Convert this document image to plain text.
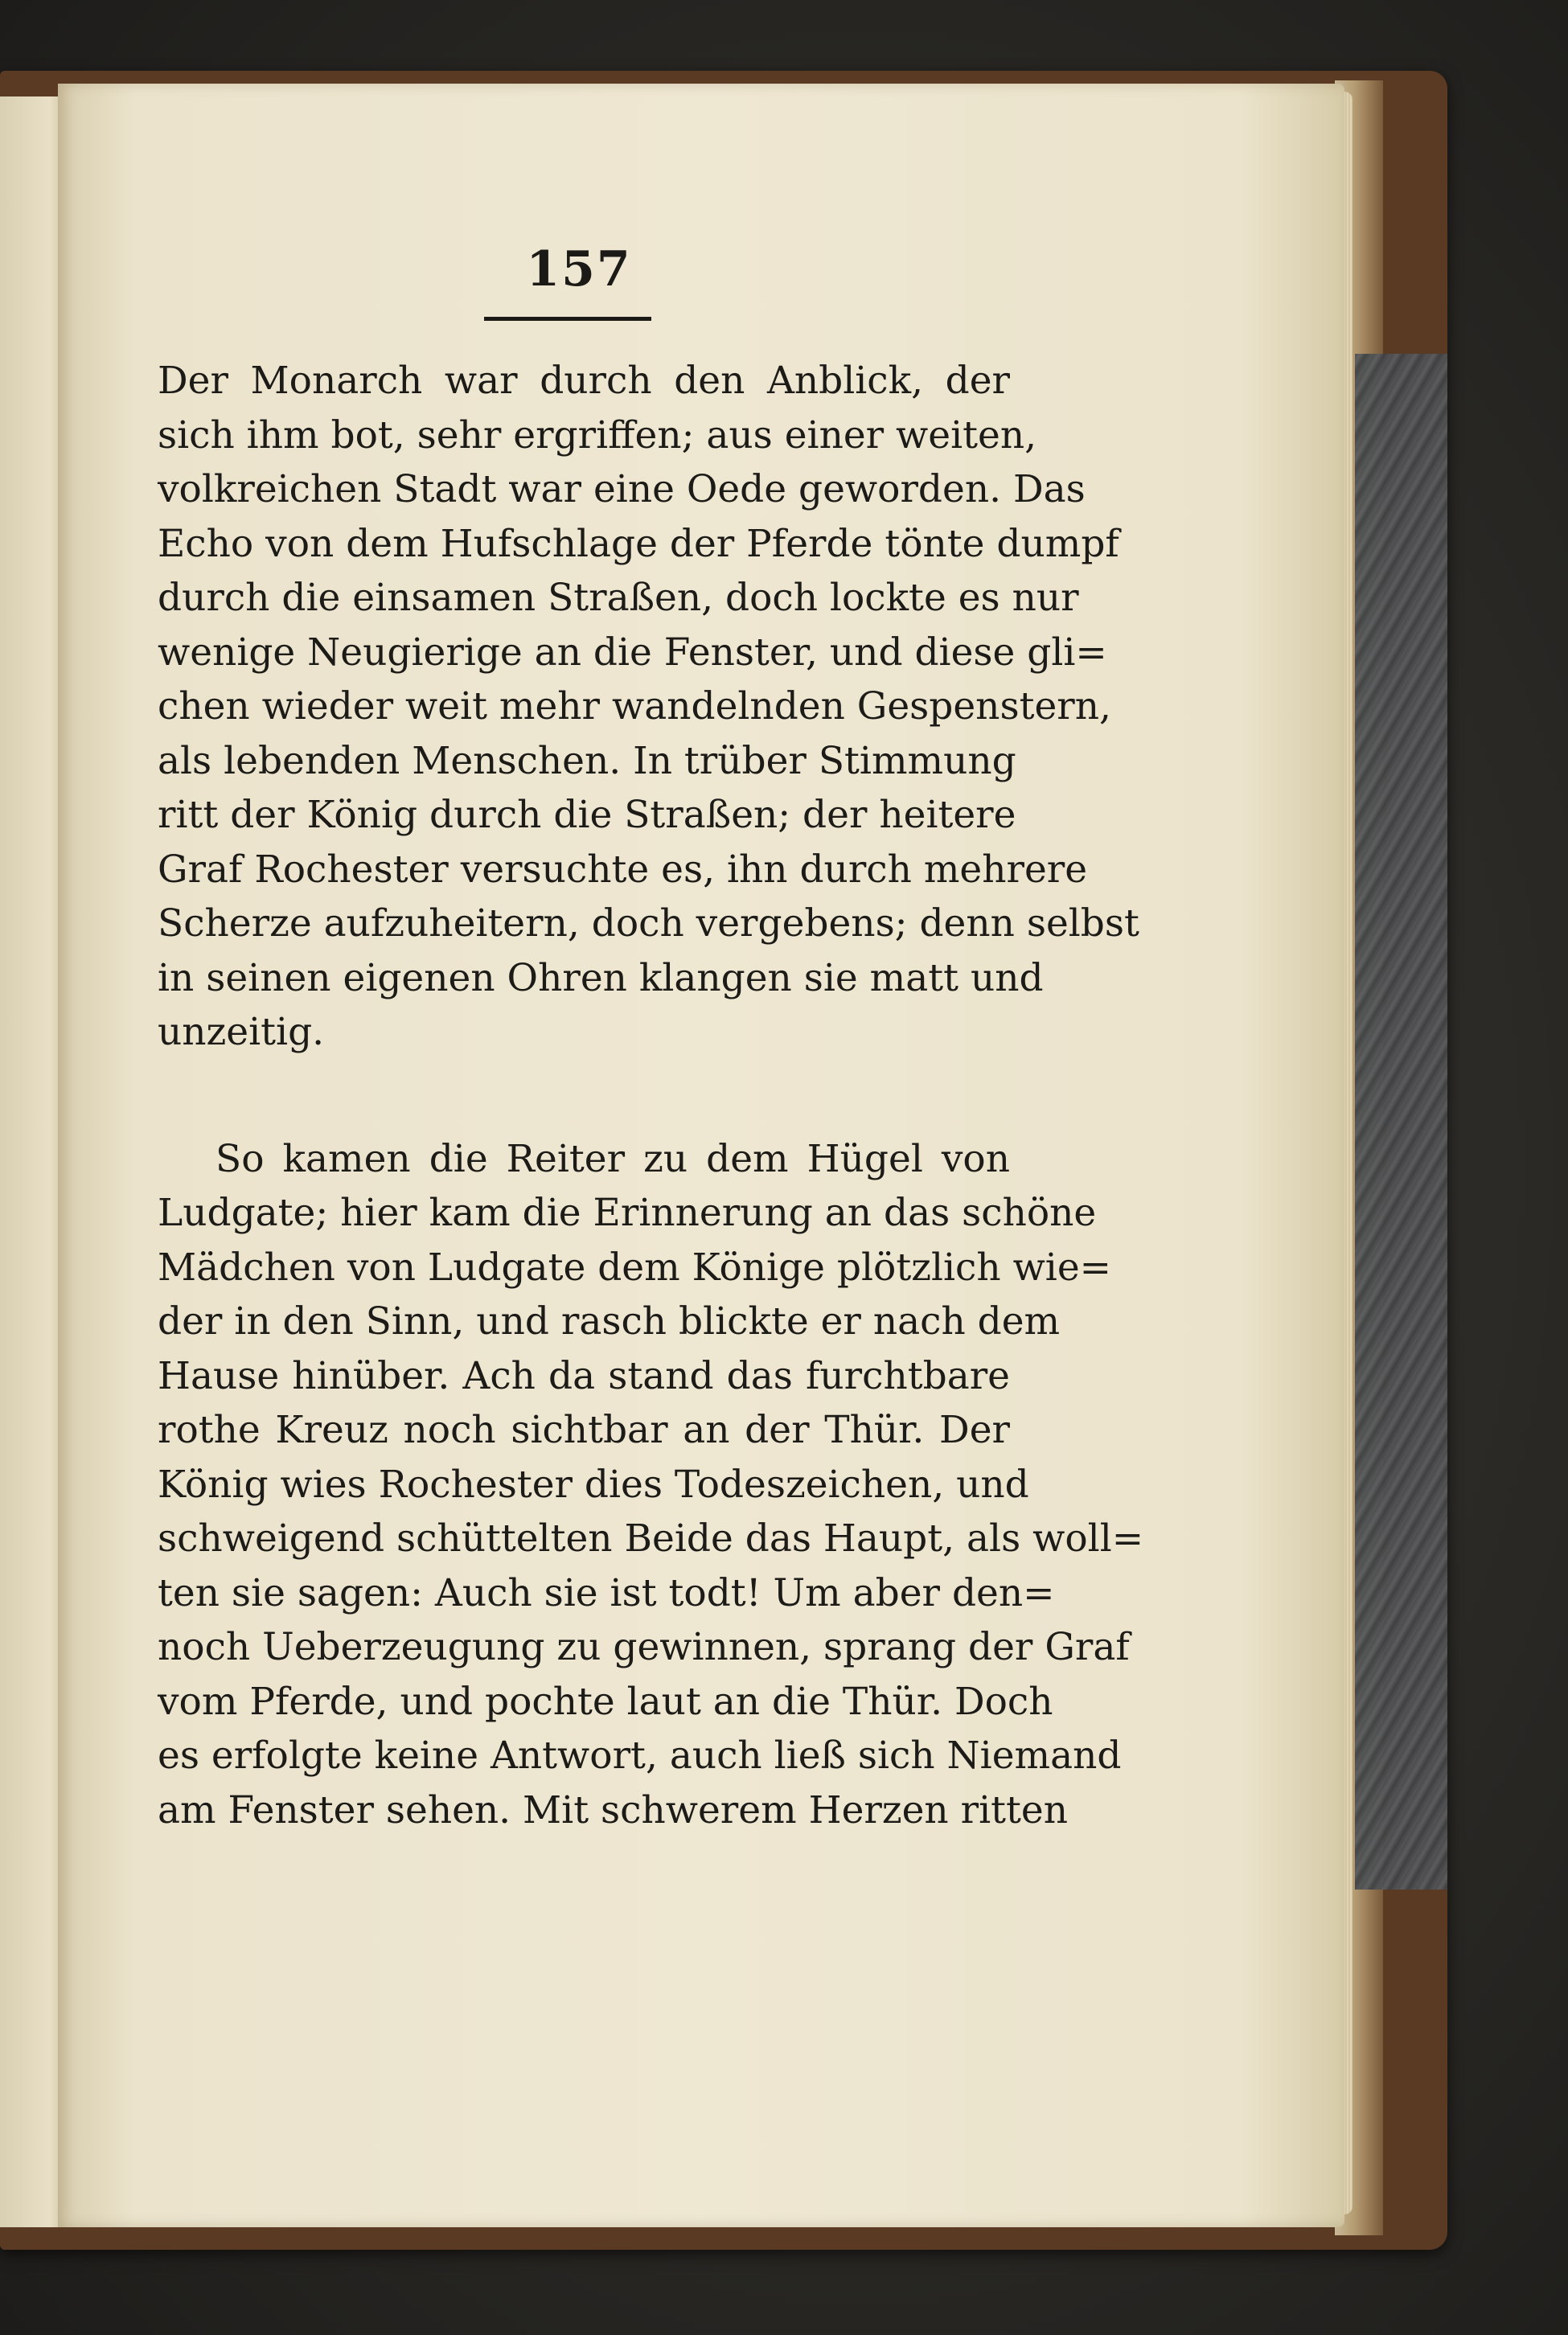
157
Der Monarch war durch den Anblick, der
sich ihm bot, sehr ergriffen; aus einer weiten,
volkreichen Stadt war eine Oede geworden. Das
Echo von dem Hufschlage der Pferde tönte dumpf
durch die einsamen Straßen, doch lockte es nur
wenige Neugierige an die Fenster, und diese gli=
chen wieder weit mehr wandelnden Gespenstern,
als lebenden Menschen. In trüber Stimmung
ritt der König durch die Straßen; der heitere
Graf Rochester versuchte es, ihn durch mehrere
Scherze aufzuheitern, doch vergebens; denn selbst
in seinen eigenen Ohren klangen sie matt und
unzeitig.
So kamen die Reiter zu dem Hügel von
Ludgate; hier kam die Erinnerung an das schöne
Mädchen von Ludgate dem Könige plötzlich wie=
der in den Sinn, und rasch blickte er nach dem
Hause hinüber. Ach da stand das furchtbare
rothe Kreuz noch sichtbar an der Thür. Der
König wies Rochester dies Todeszeichen, und
schweigend schüttelten Beide das Haupt, als woll=
ten sie sagen: Auch sie ist todt! Um aber den=
noch Ueberzeugung zu gewinnen, sprang der Graf
vom Pferde, und pochte laut an die Thür. Doch
es erfolgte keine Antwort, auch ließ sich Niemand
am Fenster sehen. Mit schwerem Herzen ritten
